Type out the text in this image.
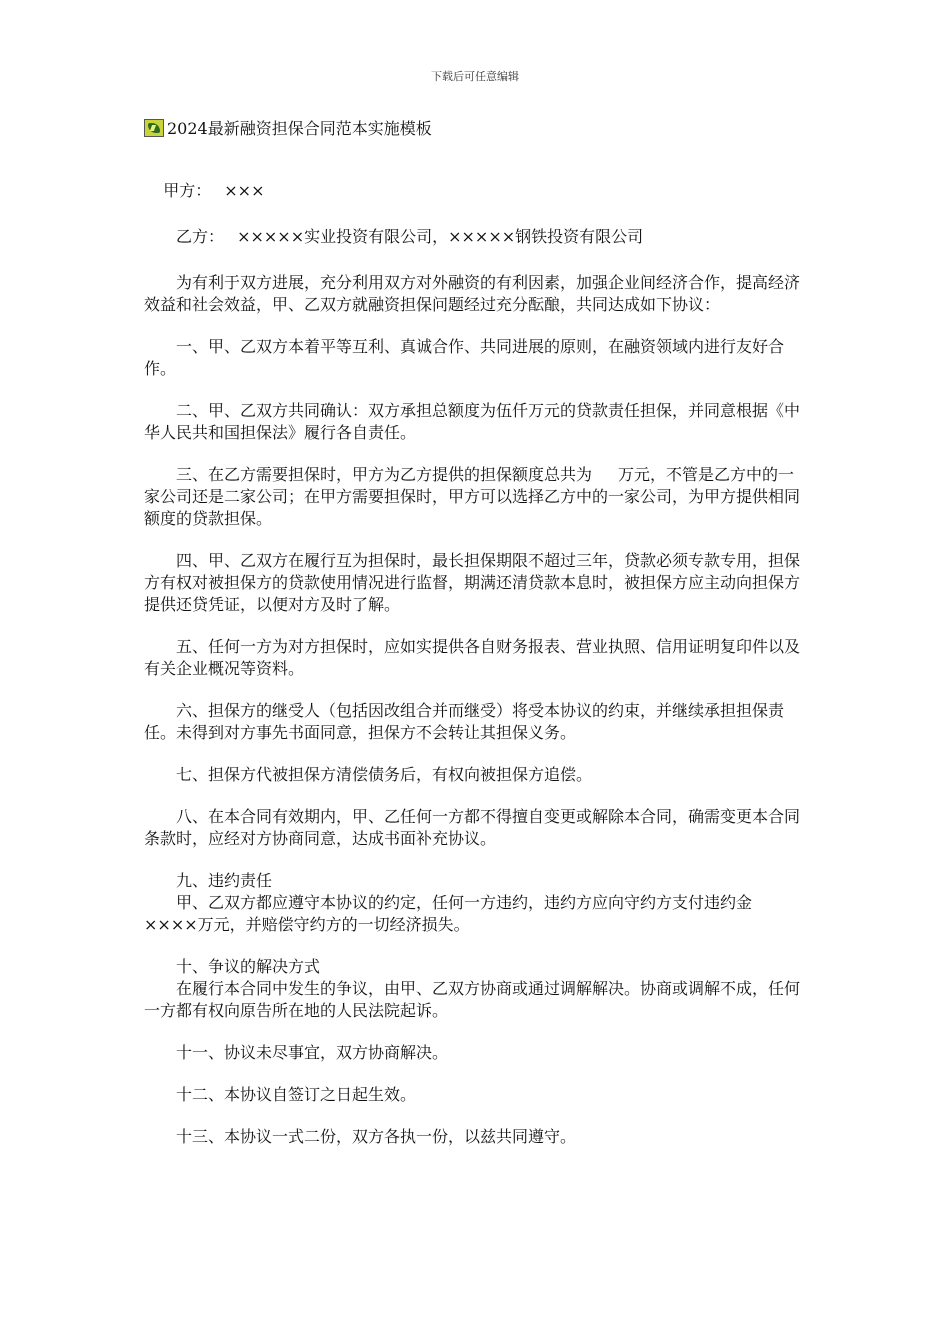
下载后可任意编辑
2024最新融资担保合同范本实施模板

甲方：　 ×××

乙方：　 ×××××实业投资有限公司，×××××钢铁投资有限公司

为有利于双方进展，充分利用双方对外融资的有利因素，加强企业间经济合作，提高经济效益和社会效益，甲、乙双方就融资担保问题经过充分酝酿，共同达成如下协议：

一、甲、乙双方本着平等互利、真诚合作、共同进展的原则，在融资领域内进行友好合作。

二、甲、乙双方共同确认：双方承担总额度为伍仟万元的贷款责任担保，并同意根据《中华人民共和国担保法》履行各自责任。

三、在乙方需要担保时，甲方为乙方提供的担保额度总共为 万元，不管是乙方中的一家公司还是二家公司；在甲方需要担保时，甲方可以选择乙方中的一家公司，为甲方提供相同额度的贷款担保。

四、甲、乙双方在履行互为担保时，最长担保期限不超过三年，贷款必须专款专用，担保方有权对被担保方的贷款使用情况进行监督，期满还清贷款本息时，被担保方应主动向担保方提供还贷凭证，以便对方及时了解。

五、任何一方为对方担保时，应如实提供各自财务报表、营业执照、信用证明复印件以及有关企业概况等资料。

六、担保方的继受人（包括因改组合并而继受）将受本协议的约束，并继续承担担保责任。未得到对方事先书面同意，担保方不会转让其担保义务。

七、担保方代被担保方清偿债务后，有权向被担保方追偿。

八、在本合同有效期内，甲、乙任何一方都不得擅自变更或解除本合同，确需变更本合同条款时，应经对方协商同意，达成书面补充协议。

九、违约责任

甲、乙双方都应遵守本协议的约定，任何一方违约，违约方应向守约方支付违约金××××万元，并赔偿守约方的一切经济损失。

十、争议的解决方式

在履行本合同中发生的争议，由甲、乙双方协商或通过调解解决。协商或调解不成，任何一方都有权向原告所在地的人民法院起诉。

十一、协议未尽事宜，双方协商解决。

十二、本协议自签订之日起生效。

十三、本协议一式二份，双方各执一份，以兹共同遵守。
